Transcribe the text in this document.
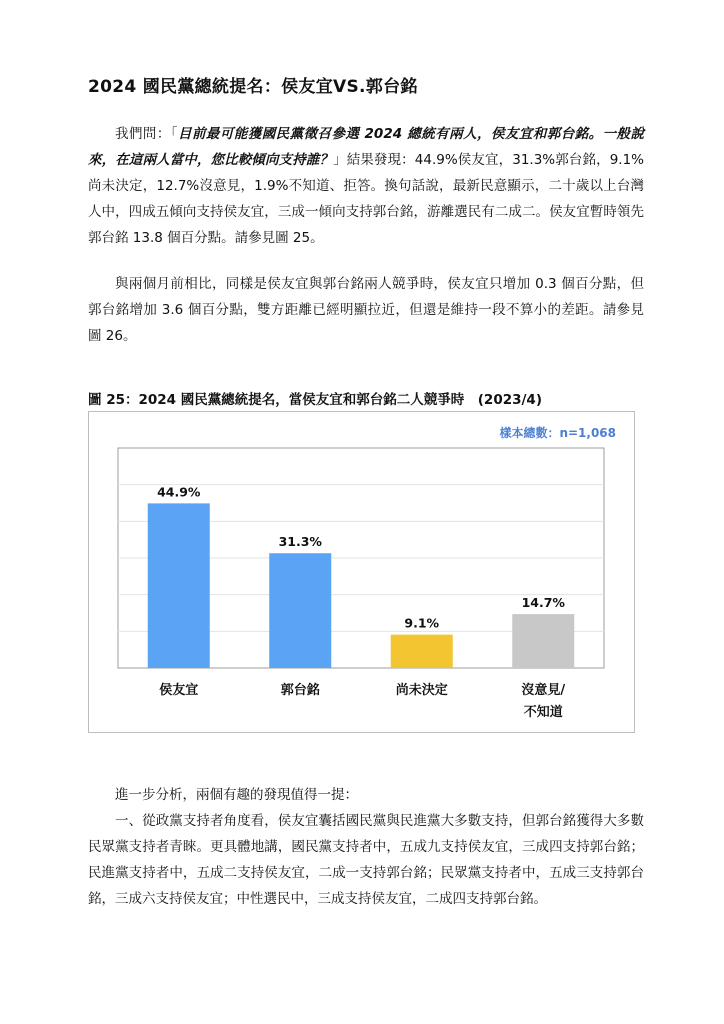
2024 國民黨總統提名：侯友宜VS.郭台銘

我們問：「目前最可能獲國民黨徵召參選 2024 總統有兩人，侯友宜和郭台銘。一般說來，在這兩人當中，您比較傾向支持誰？」結果發現：44.9%侯友宜，31.3%郭台銘，9.1%尚未決定，12.7%沒意見，1.9%不知道、拒答。換句話說，最新民意顯示，二十歲以上台灣人中，四成五傾向支持侯友宜，三成一傾向支持郭台銘，游離選民有二成二。侯友宜暫時領先郭台銘 13.8 個百分點。請參見圖 25。

與兩個月前相比，同樣是侯友宜與郭台銘兩人競爭時，侯友宜只增加 0.3 個百分點，但郭台銘增加 3.6 個百分點，雙方距離已經明顯拉近，但還是維持一段不算小的差距。請參見圖 26。

圖 25：2024 國民黨總統提名，當侯友宜和郭台銘二人競爭時　(2023/4)
44.9%
侯友宜
31.3%
郭台銘
9.1%
尚未決定
14.7%
沒意見/
不知道
樣本總數：n=1,068

進一步分析，兩個有趣的發現值得一提：

一、從政黨支持者角度看，侯友宜囊括國民黨與民進黨大多數支持，但郭台銘獲得大多數民眾黨支持者青睞。更具體地講，國民黨支持者中，五成九支持侯友宜，三成四支持郭台銘；民進黨支持者中，五成二支持侯友宜，二成一支持郭台銘；民眾黨支持者中，五成三支持郭台銘，三成六支持侯友宜；中性選民中，三成支持侯友宜，二成四支持郭台銘。
